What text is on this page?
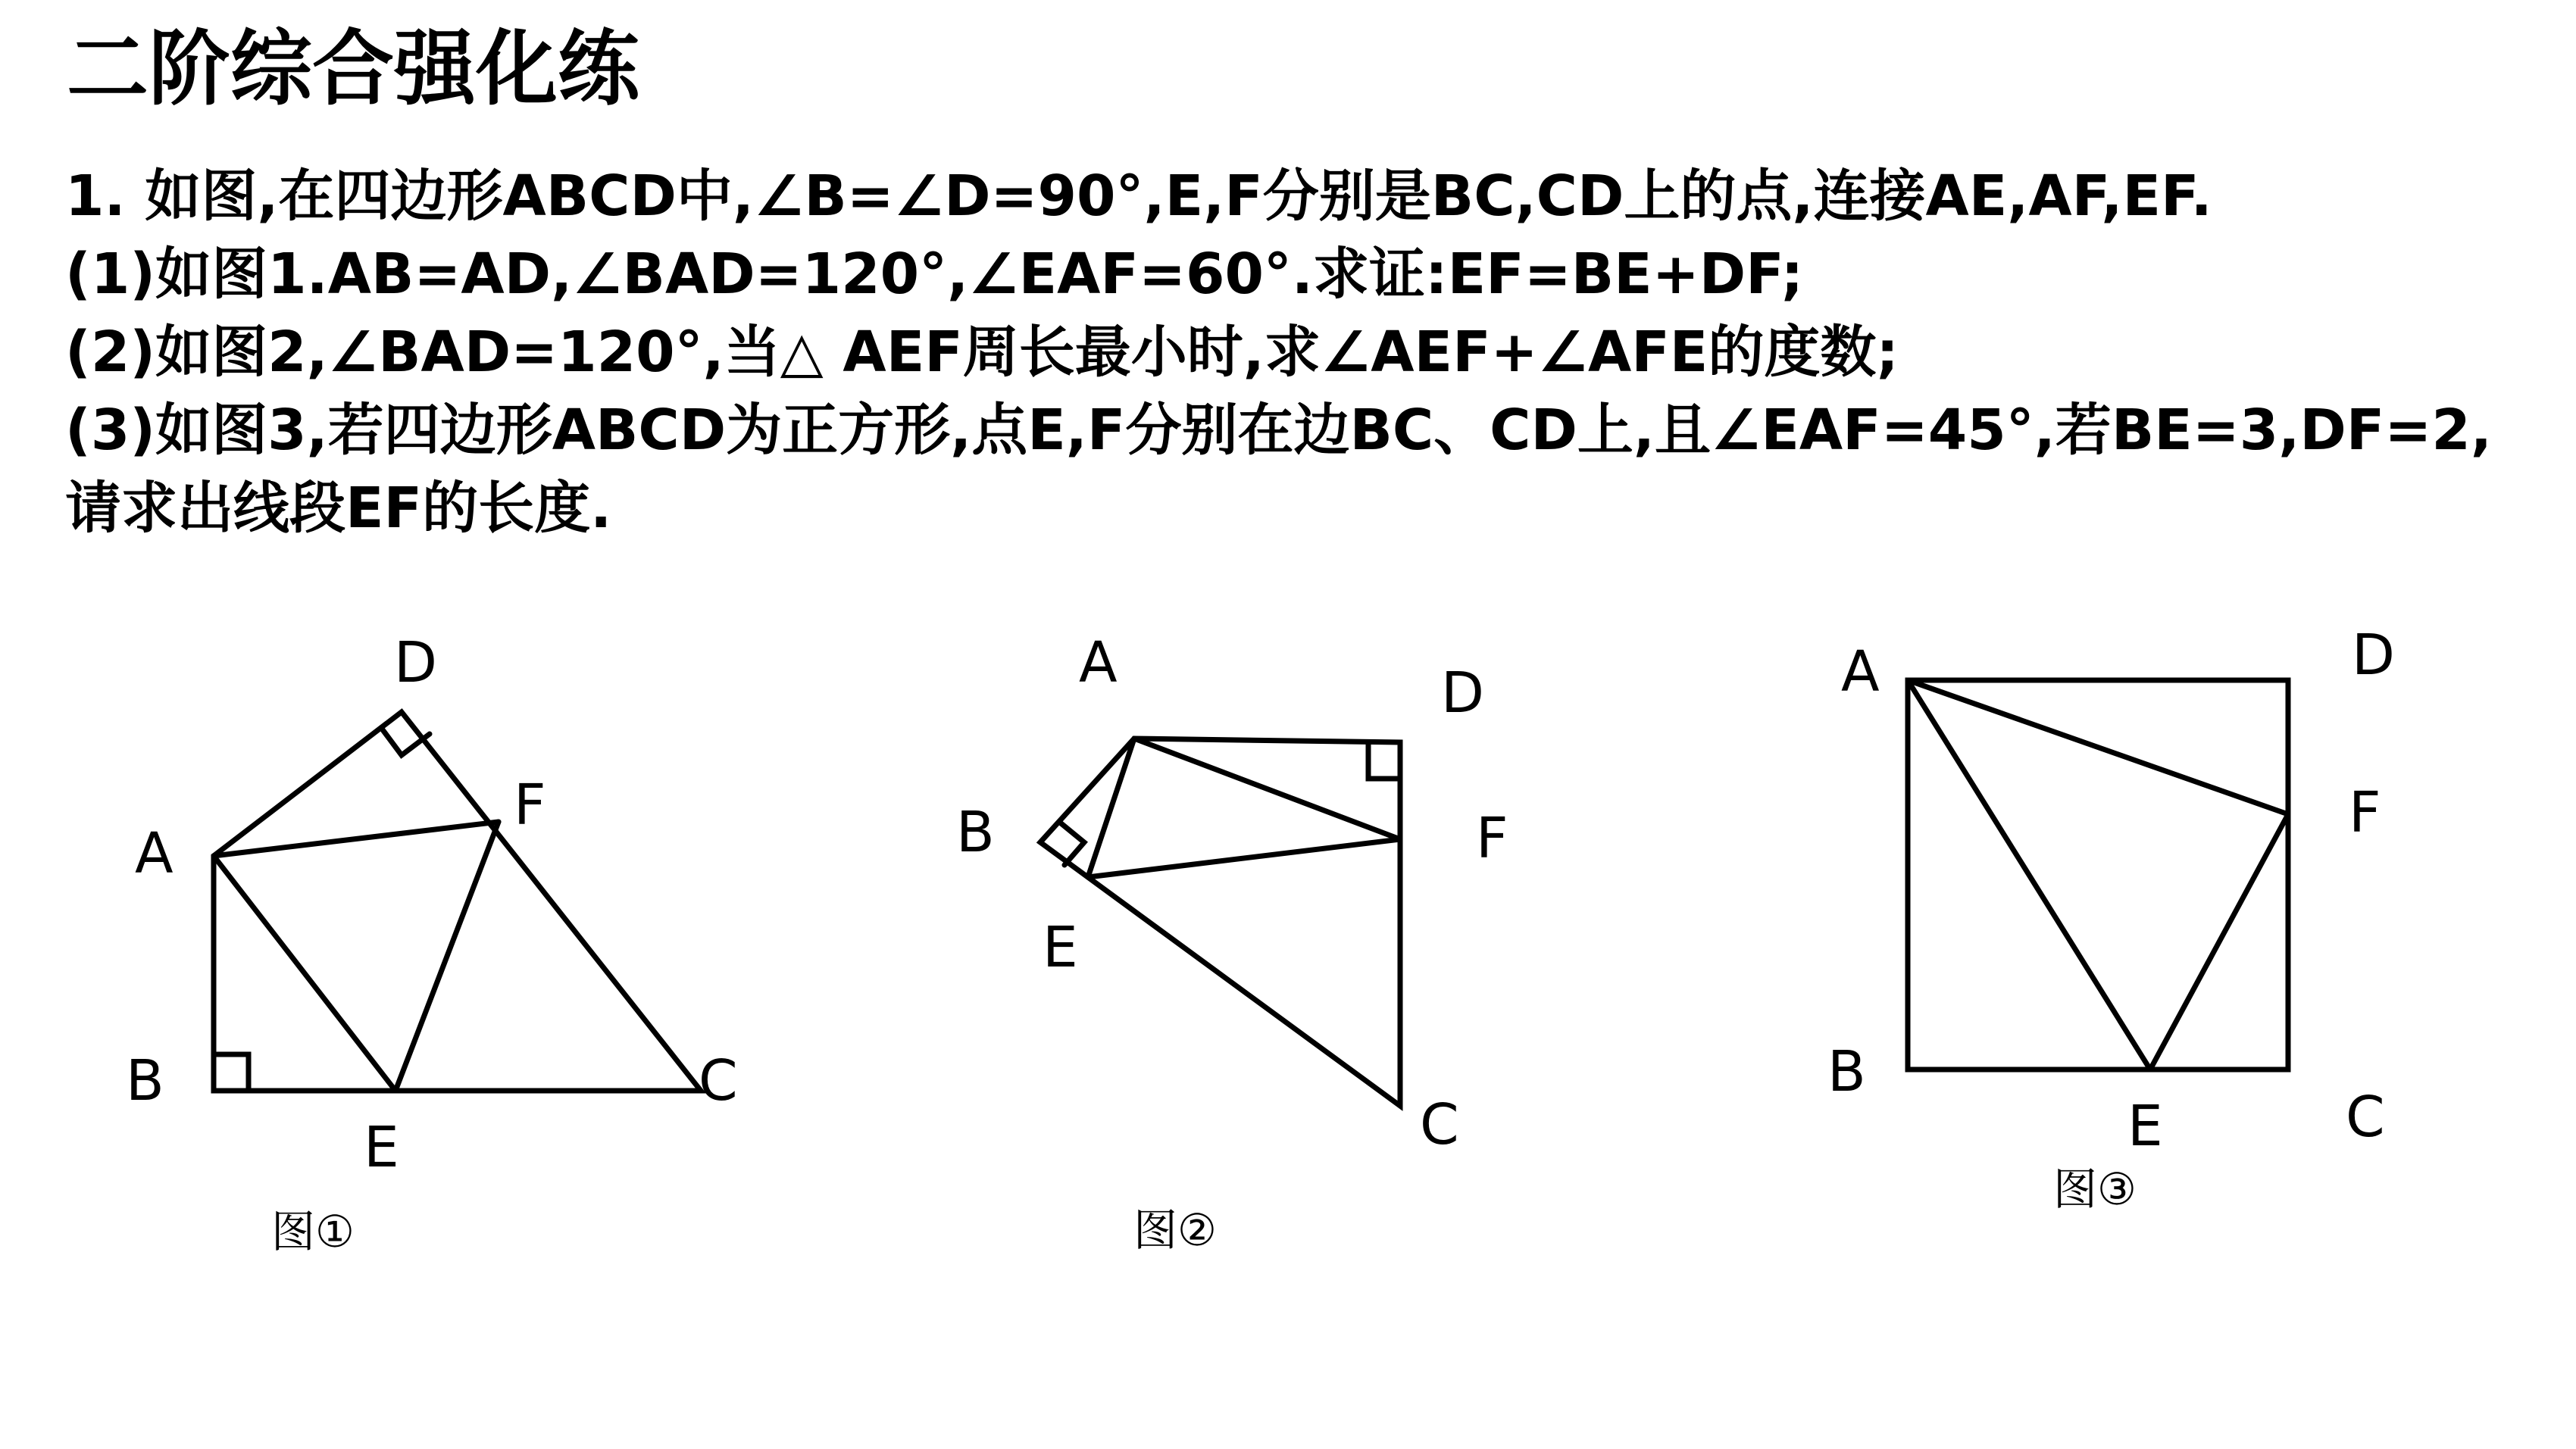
二阶综合强化练
1. 如图,在四边形ABCD中,∠B=∠D=90°,E,F分别是BC,CD上的点,连接AE,AF,EF.
(1)如图1.AB=AD,∠BAD=120°,∠EAF=60°.求证:EF=BE+DF;
(2)如图2,∠BAD=120°,当△ AEF周长最小时,求∠AEF+∠AFE的度数;
(3)如图3,若四边形ABCD为正方形,点E,F分别在边BC、CD上,且∠EAF=45°,若BE=3,DF=2,
请求出线段EF的长度.
D
A
F
B	C
E
图①
A	D
B	F
E
C
图②
A	D
F
B
E	C
图③
